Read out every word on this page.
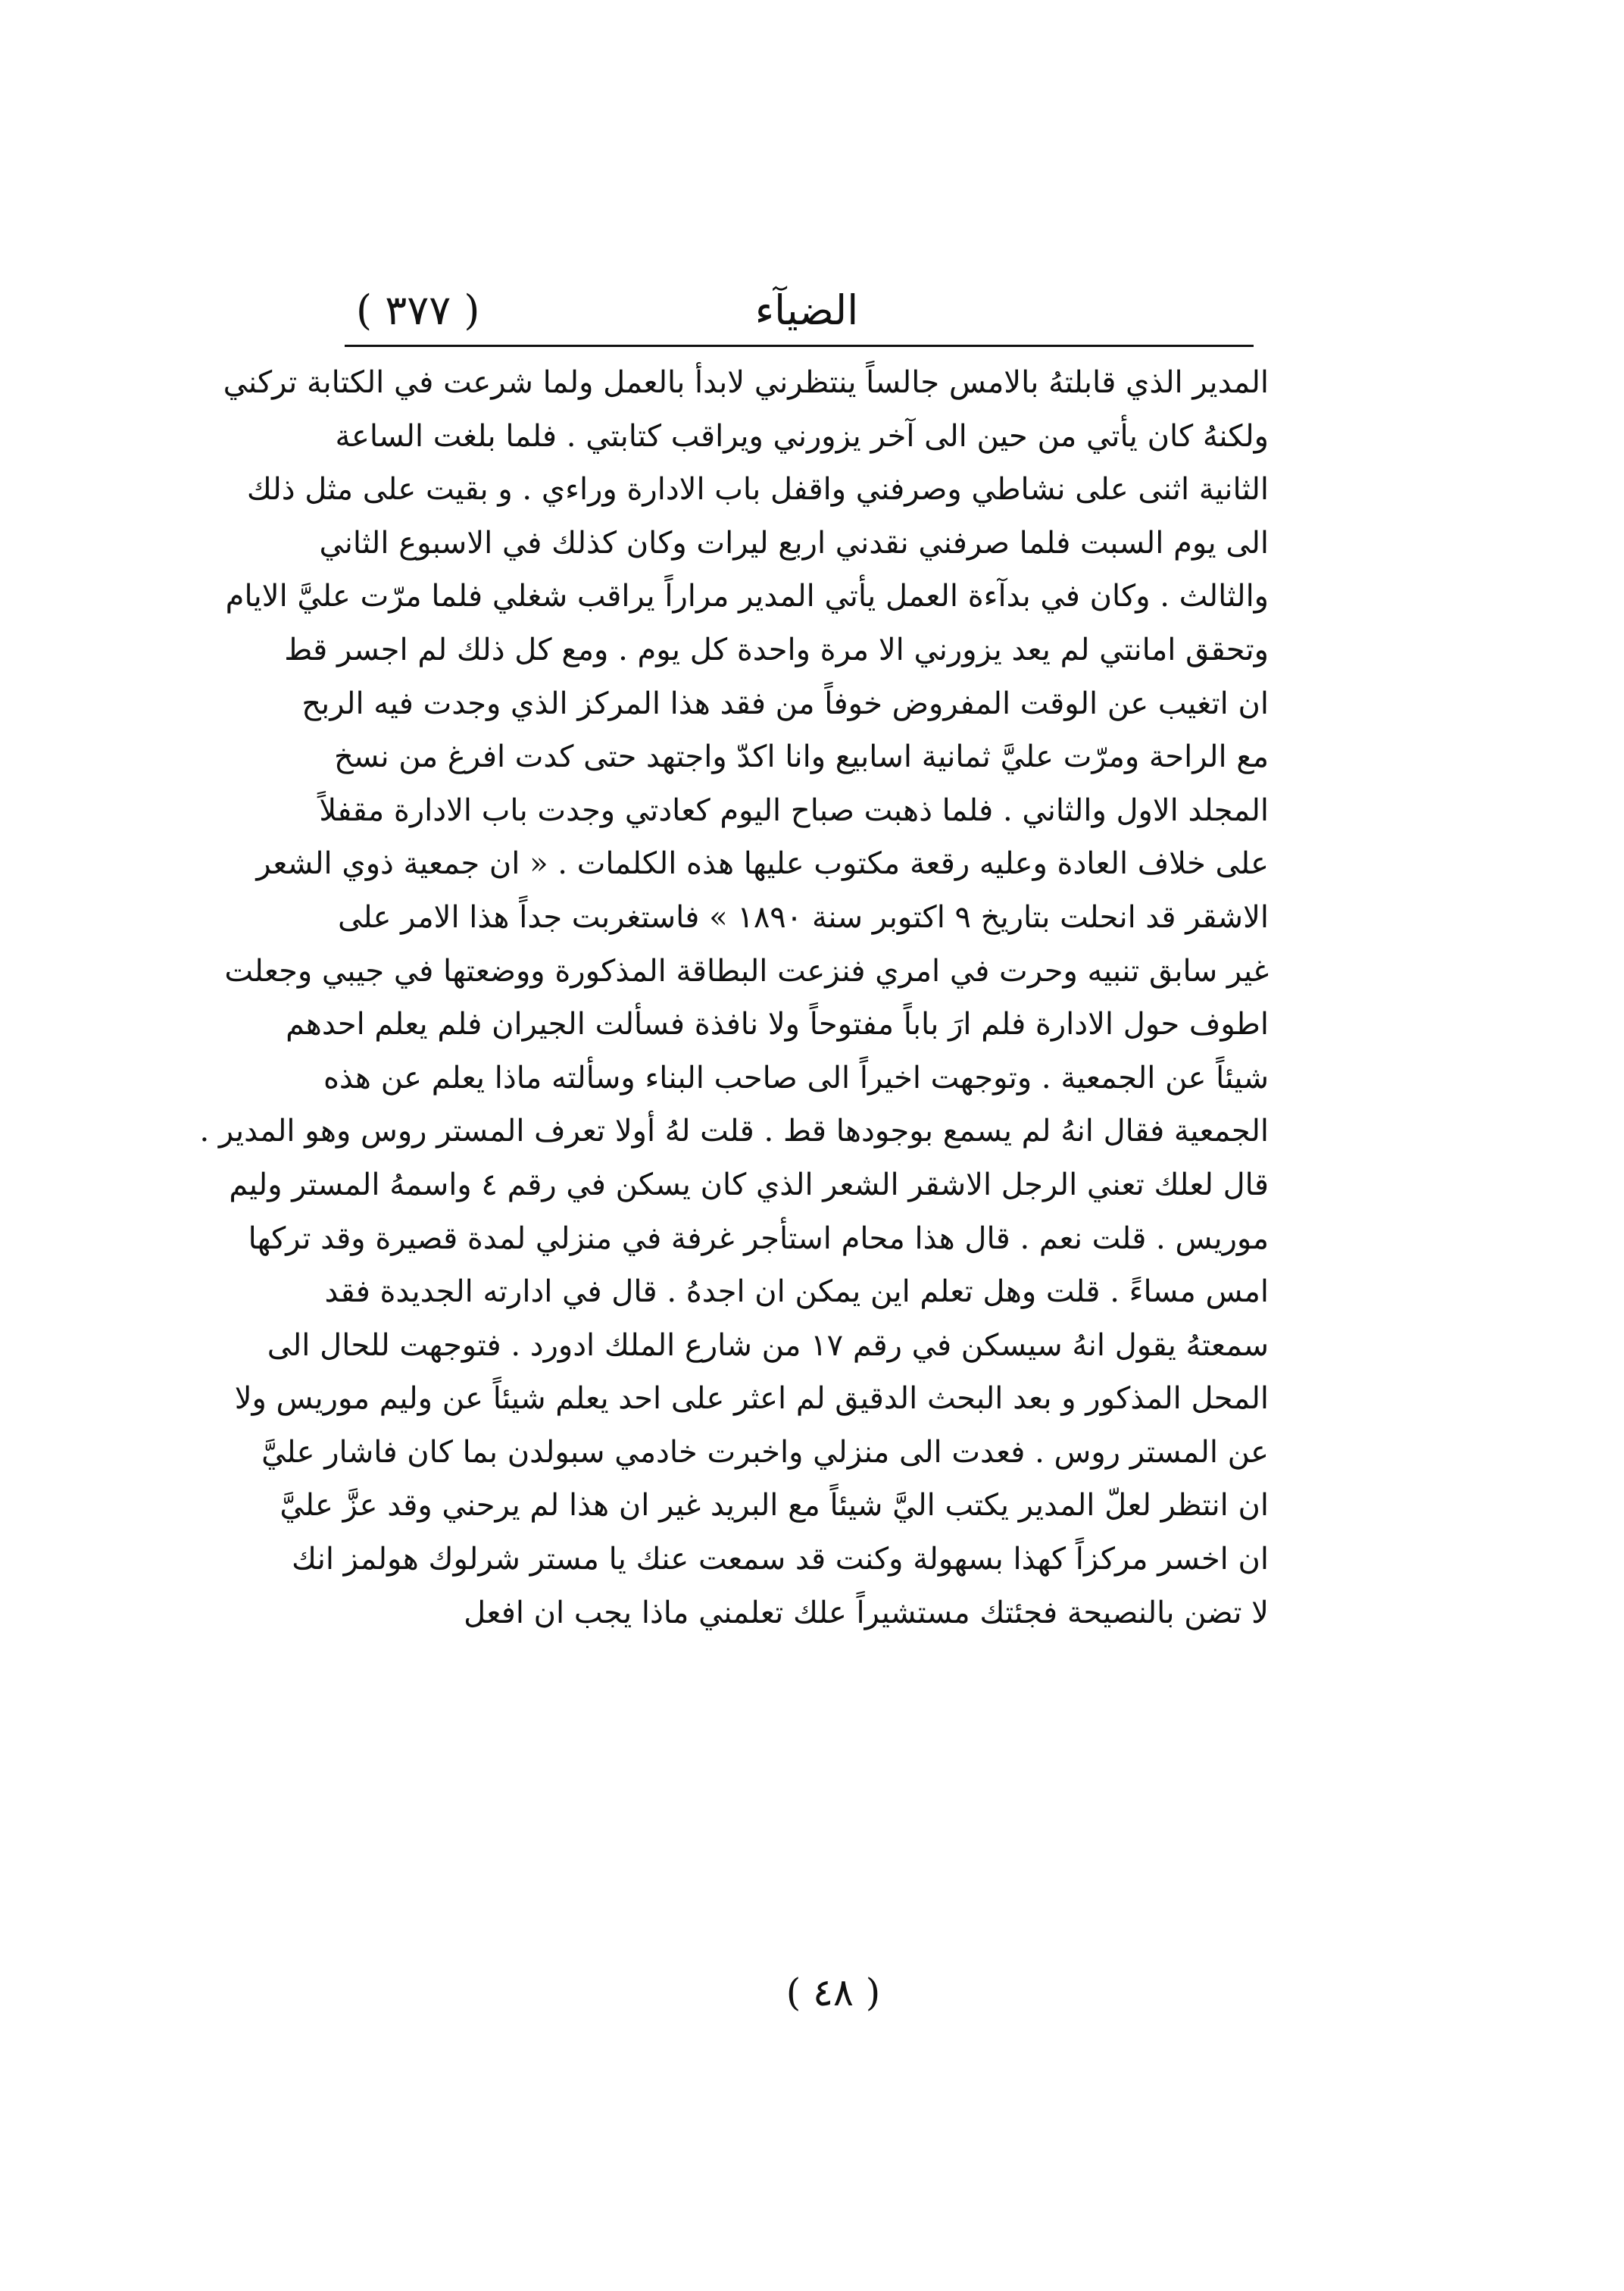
الضيآء
( ٣٧٧ )
المدير الذي قابلتهُ بالامس جالساً ينتظرني لابدأ بالعمل ولما شرعت في الكتابة تركني
ولكنهُ كان يأتي من حين الى آخر يزورني ويراقب كتابتي . فلما بلغت الساعة
الثانية اثنى على نشاطي وصرفني واقفل باب الادارة وراءي . و بقيت على مثل ذلك
الى يوم السبت فلما صرفني نقدني اربع ليرات وكان كذلك في الاسبوع الثاني
والثالث . وكان في بدآءة العمل يأتي المدير مراراً يراقب شغلي فلما مرّت عليَّ الايام
وتحقق امانتي لم يعد يزورني الا مرة واحدة كل يوم . ومع كل ذلك لم اجسر قط
ان اتغيب عن الوقت المفروض خوفاً من فقد هذا المركز الذي وجدت فيه الربح
مع الراحة ومرّت عليَّ ثمانية اسابيع وانا اكدّ واجتهد حتى كدت افرغ من نسخ
المجلد الاول والثاني . فلما ذهبت صباح اليوم كعادتي وجدت باب الادارة مقفلاً
على خلاف العادة وعليه رقعة مكتوب عليها هذه الكلمات . « ان جمعية ذوي الشعر
الاشقر قد انحلت بتاريخ ٩ اكتوبر سنة ١٨٩٠ » فاستغربت جداً هذا الامر على
غير سابق تنبيه وحرت في امري فنزعت البطاقة المذكورة ووضعتها في جيبي وجعلت
اطوف حول الادارة فلم ارَ باباً مفتوحاً ولا نافذة فسألت الجيران فلم يعلم احدهم
شيئاً عن الجمعية . وتوجهت اخيراً الى صاحب البناء وسألته ماذا يعلم عن هذه
الجمعية فقال انهُ لم يسمع بوجودها قط . قلت لهُ أولا تعرف المستر روس وهو المدير .
قال لعلك تعني الرجل الاشقر الشعر الذي كان يسكن في رقم ٤ واسمهُ المستر وليم
موريس . قلت نعم . قال هذا محام استأجر غرفة في منزلي لمدة قصيرة وقد تركها
امس مساءً . قلت وهل تعلم اين يمكن ان اجدهُ . قال في ادارته الجديدة فقد
سمعتهُ يقول انهُ سيسكن في رقم ١٧ من شارع الملك ادورد . فتوجهت للحال الى
المحل المذكور و بعد البحث الدقيق لم اعثر على احد يعلم شيئاً عن وليم موريس ولا
عن المستر روس . فعدت الى منزلي واخبرت خادمي سبولدن بما كان فاشار عليَّ
ان انتظر لعلّ المدير يكتب اليَّ شيئاً مع البريد غير ان هذا لم يرحني وقد عزَّ عليَّ
ان اخسر مركزاً كهذا بسهولة وكنت قد سمعت عنك يا مستر شرلوك هولمز انك
لا تضن بالنصيحة فجئتك مستشيراً علك تعلمني ماذا يجب ان افعل
( ٤٨ )
